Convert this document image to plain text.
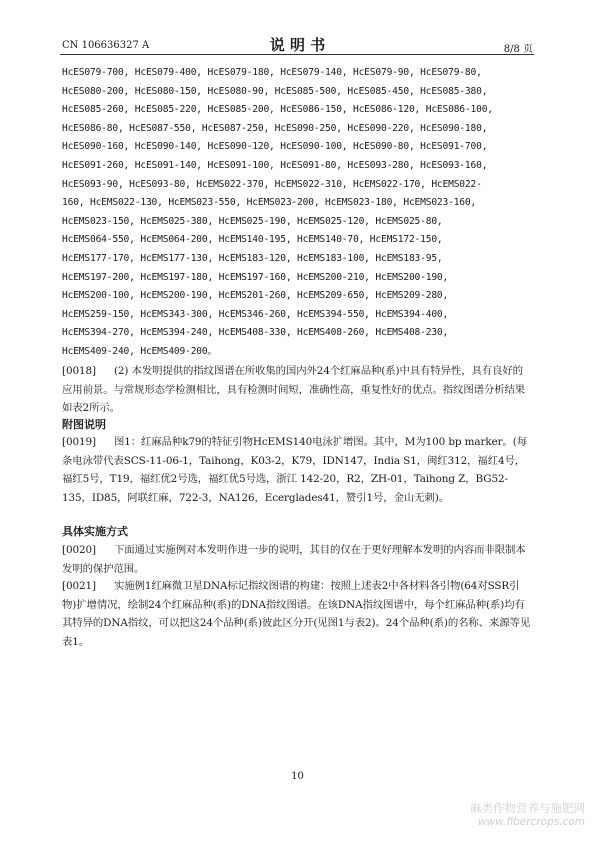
CN 106636327 A	说 明 书	8/8 页
HcES079-700, HcES079-400, HcES079-180, HcES079-140, HcES079-90, HcES079-80,
HcES080-200, HcES080-150, HcES080-90, HcES085-500, HcES085-450, HcES085-380,
HcES085-260, HcES085-220, HcES085-200, HcES086-150, HcES086-120, HcES086-100,
HcES086-80, HcES087-550, HcES087-250, HcES090-250, HcES090-220, HcES090-180,
HcES090-160, HcES090-140, HcES090-120, HcES090-100, HcES090-80, HcES091-700,
HcES091-260, HcES091-140, HcES091-100, HcES091-80, HcES093-280, HcES093-160,
HcES093-90, HcES093-80, HcEMS022-370, HcEMS022-310, HcEMS022-170, HcEMS022-
160, HcEMS022-130, HcEMS023-550, HcEMS023-200, HcEMS023-180, HcEMS023-160,
HcEMS023-150, HcEMS025-380, HcEMS025-190, HcEMS025-120, HcEMS025-80,
HcEMS064-550, HcEMS064-200, HcEMS140-195, HcEMS140-70, HcEMS172-150,
HcEMS177-170, HcEMS177-130, HcEMS183-120, HcEMS183-100, HcEMS183-95,
HcEMS197-200, HcEMS197-180, HcEMS197-160, HcEMS200-210, HcEMS200-190,
HcEMS200-100, HcEMS200-190, HcEMS201-260, HcEMS209-650, HcEMS209-280,
HcEMS259-150, HcEMS343-300, HcEMS346-260, HcEMS394-550, HcEMS394-400,
HcEMS394-270, HcEMS394-240, HcEMS408-330, HcEMS408-260, HcEMS408-230,
HcEMS409-240, HcEMS409-200。
[0018] (2) 本发明提供的指纹图谱在所收集的国内外24个红麻品种(系)中具有特异性，具有良好的应用前景。与常规形态学检测相比，具有检测时间短，准确性高，重复性好的优点。指纹图谱分析结果如表2所示。
附图说明
[0019] 图1：红麻品种k79的特征引物HcEMS140电泳扩增图。其中，M为100 bp marker。(每条电泳带代表SCS-11-06-1，Taihong，K03-2，K79，IDN147，India S1，闽红312，福红4号，福红5号，T19，福红优2号选，福红优5号选，浙江 142-20，R2，ZH-01，Taihong Z，BG52-135，ID85，阿联红麻，722-3，NA126，Ecerglades41，赞引1号，金山无刺)。
具体实施方式
[0020] 下面通过实施例对本发明作进一步的说明，其目的仅在于更好理解本发明的内容而非限制本发明的保护范围。
[0021] 实施例1红麻微卫星DNA标记指纹图谱的构建：按照上述表2中各材料各引物(64对SSR引物)扩增情况，绘制24个红麻品种(系)的DNA指纹图谱。在该DNA指纹图谱中，每个红麻品种(系)均有其特异的DNA指纹，可以把这24个品种(系)彼此区分开(见图1与表2)。24个品种(系)的名称、来源等见表1。
10
麻类作物营养与施肥网
www.fibercrops.com
